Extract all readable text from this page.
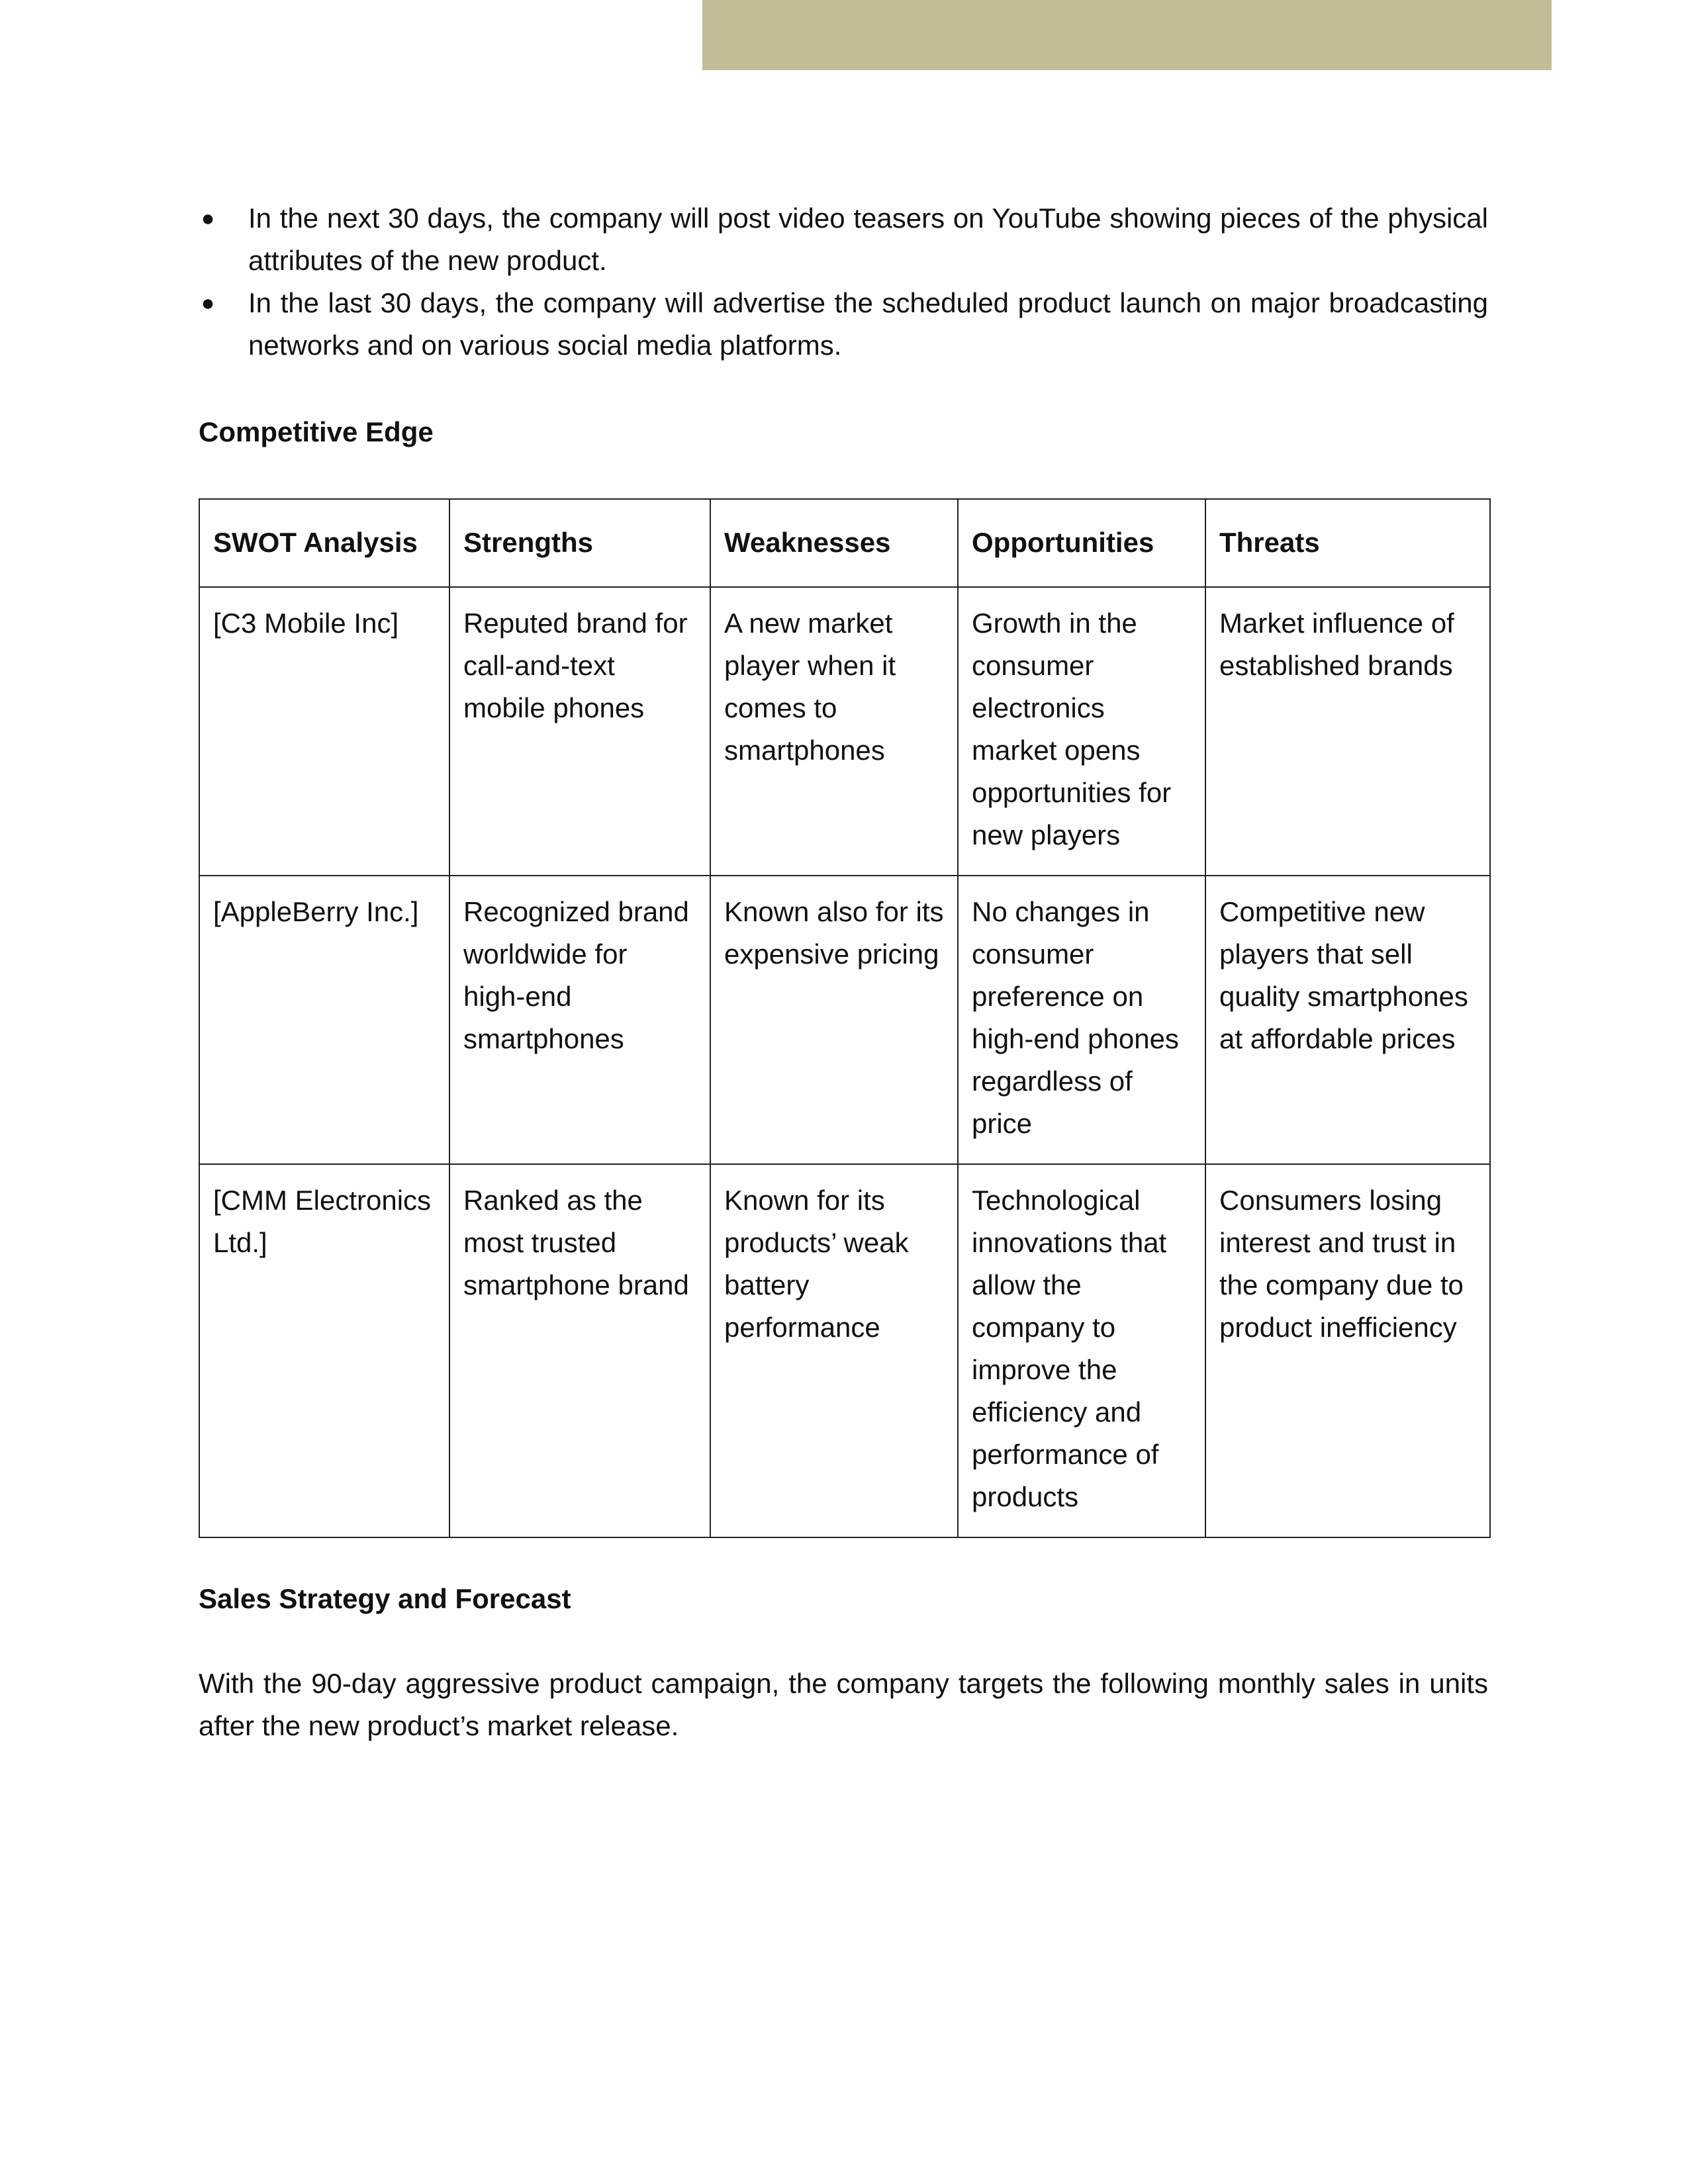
● In the next 30 days, the company will post video teasers on YouTube showing pieces of the physical attributes of the new product.
● In the last 30 days, the company will advertise the scheduled product launch on major broadcasting networks and on various social media platforms.

Competitive Edge

SWOT Analysis	Strengths	Weaknesses	Opportunities	Threats
[C3 Mobile Inc]	Reputed brand for call-and-text mobile phones	A new market player when it comes to smartphones	Growth in the consumer electronics market opens opportunities for new players	Market influence of established brands
[AppleBerry Inc.]	Recognized brand worldwide for high-end smartphones	Known also for its expensive pricing	No changes in consumer preference on high-end phones regardless of price	Competitive new players that sell quality smartphones at affordable prices
[CMM Electronics Ltd.]	Ranked as the most trusted smartphone brand	Known for its products’ weak battery performance	Technological innovations that allow the company to improve the efficiency and performance of products	Consumers losing interest and trust in the company due to product inefficiency

Sales Strategy and Forecast

With the 90-day aggressive product campaign, the company targets the following monthly sales in units after the new product’s market release.
